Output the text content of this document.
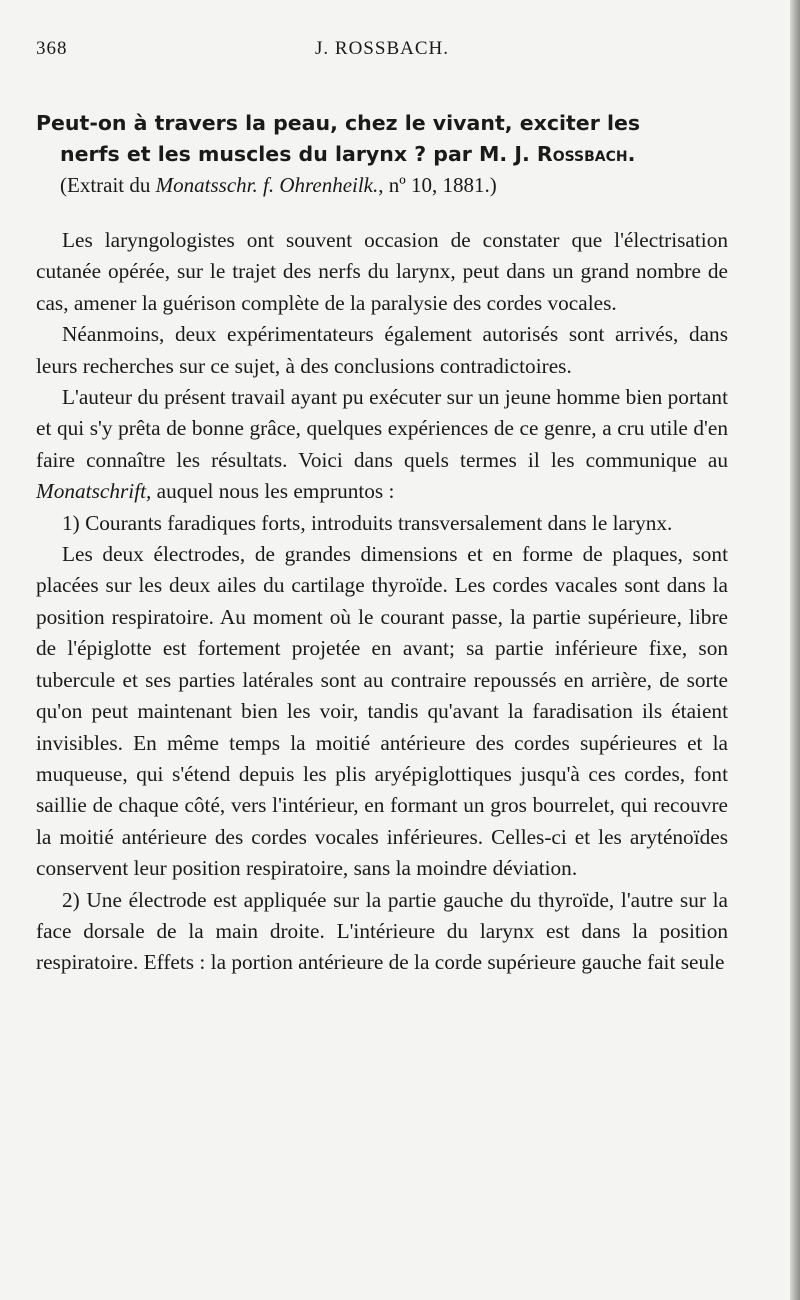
368	J. ROSSBACH.
Peut-on à travers la peau, chez le vivant, exciter les
nerfs et les muscles du larynx ? par M. J. Rossbach.
(Extrait du Monatsschr. f. Ohrenheilk., nº 10, 1881.)

Les laryngologistes ont souvent occasion de constater que l'électrisation cutanée opérée, sur le trajet des nerfs du larynx, peut dans un grand nombre de cas, amener la guérison complète de la paralysie des cordes vocales.

Néanmoins, deux expérimentateurs également autorisés sont arrivés, dans leurs recherches sur ce sujet, à des conclusions contradictoires.

L'auteur du présent travail ayant pu exécuter sur un jeune homme bien portant et qui s'y prêta de bonne grâce, quelques expériences de ce genre, a cru utile d'en faire connaître les résultats. Voici dans quels termes il les communique au Monatschrift, auquel nous les empruntos :

1) Courants faradiques forts, introduits transversalement dans le larynx.

Les deux électrodes, de grandes dimensions et en forme de plaques, sont placées sur les deux ailes du cartilage thyroïde. Les cordes vacales sont dans la position respiratoire. Au moment où le courant passe, la partie supérieure, libre de l'épiglotte est fortement projetée en avant; sa partie inférieure fixe, son tubercule et ses parties latérales sont au contraire repoussés en arrière, de sorte qu'on peut maintenant bien les voir, tandis qu'avant la faradisation ils étaient invisibles. En même temps la moitié antérieure des cordes supérieures et la muqueuse, qui s'étend depuis les plis aryépiglottiques jusqu'à ces cordes, font saillie de chaque côté, vers l'intérieur, en formant un gros bourrelet, qui recouvre la moitié antérieure des cordes vocales inférieures. Celles-ci et les aryténoïdes conservent leur position respiratoire, sans la moindre déviation.

2) Une électrode est appliquée sur la partie gauche du thyroïde, l'autre sur la face dorsale de la main droite. L'intérieure du larynx est dans la position respiratoire. Effets : la portion antérieure de la corde supérieure gauche fait seule
